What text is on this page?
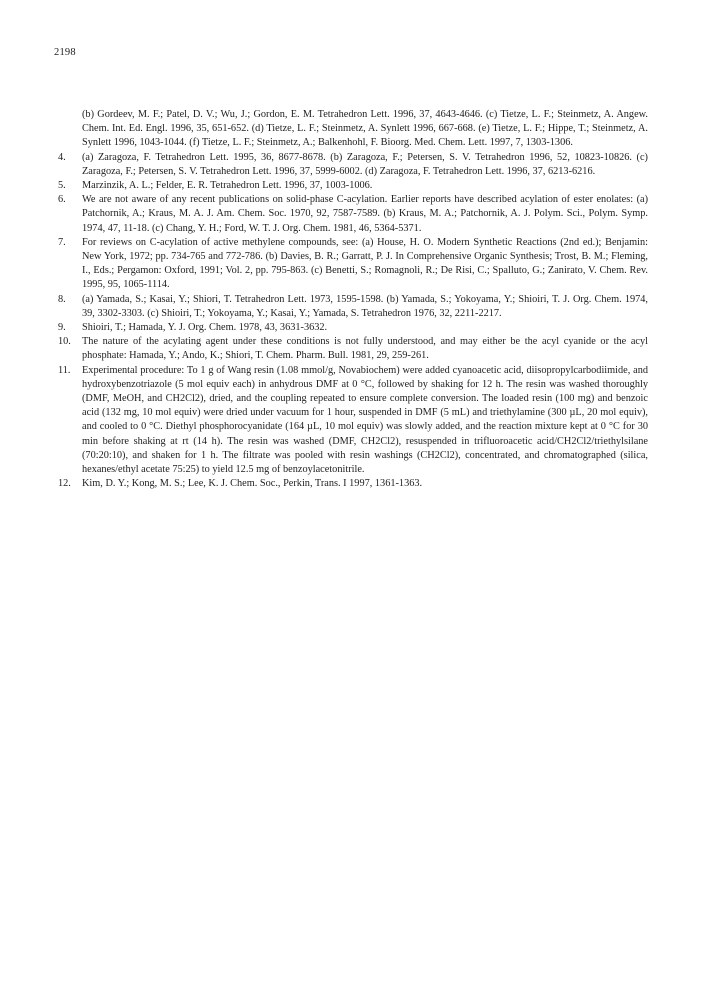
2198
(b) Gordeev, M. F.; Patel, D. V.; Wu, J.; Gordon, E. M. Tetrahedron Lett. 1996, 37, 4643-4646. (c) Tietze, L. F.; Steinmetz, A. Angew. Chem. Int. Ed. Engl. 1996, 35, 651-652. (d) Tietze, L. F.; Steinmetz, A. Synlett 1996, 667-668. (e) Tietze, L. F.; Hippe, T.; Steinmetz, A. Synlett 1996, 1043-1044. (f) Tietze, L. F.; Steinmetz, A.; Balkenhohl, F. Bioorg. Med. Chem. Lett. 1997, 7, 1303-1306.
4.	(a) Zaragoza, F. Tetrahedron Lett. 1995, 36, 8677-8678. (b) Zaragoza, F.; Petersen, S. V. Tetrahedron 1996, 52, 10823-10826. (c) Zaragoza, F.; Petersen, S. V. Tetrahedron Lett. 1996, 37, 5999-6002. (d) Zaragoza, F. Tetrahedron Lett. 1996, 37, 6213-6216.
5.	Marzinzik, A. L.; Felder, E. R. Tetrahedron Lett. 1996, 37, 1003-1006.
6.	We are not aware of any recent publications on solid-phase C-acylation. Earlier reports have described acylation of ester enolates: (a) Patchornik, A.; Kraus, M. A. J. Am. Chem. Soc. 1970, 92, 7587-7589. (b) Kraus, M. A.; Patchornik, A. J. Polym. Sci., Polym. Symp. 1974, 47, 11-18. (c) Chang, Y. H.; Ford, W. T. J. Org. Chem. 1981, 46, 5364-5371.
7.	For reviews on C-acylation of active methylene compounds, see: (a) House, H. O. Modern Synthetic Reactions (2nd ed.); Benjamin: New York, 1972; pp. 734-765 and 772-786. (b) Davies, B. R.; Garratt, P. J. In Comprehensive Organic Synthesis; Trost, B. M.; Fleming, I., Eds.; Pergamon: Oxford, 1991; Vol. 2, pp. 795-863. (c) Benetti, S.; Romagnoli, R.; De Risi, C.; Spalluto, G.; Zanirato, V. Chem. Rev. 1995, 95, 1065-1114.
8.	(a) Yamada, S.; Kasai, Y.; Shiori, T. Tetrahedron Lett. 1973, 1595-1598. (b) Yamada, S.; Yokoyama, Y.; Shioiri, T. J. Org. Chem. 1974, 39, 3302-3303. (c) Shioiri, T.; Yokoyama, Y.; Kasai, Y.; Yamada, S. Tetrahedron 1976, 32, 2211-2217.
9.	Shioiri, T.; Hamada, Y. J. Org. Chem. 1978, 43, 3631-3632.
10.	The nature of the acylating agent under these conditions is not fully understood, and may either be the acyl cyanide or the acyl phosphate: Hamada, Y.; Ando, K.; Shiori, T. Chem. Pharm. Bull. 1981, 29, 259-261.
11.	Experimental procedure: To 1 g of Wang resin (1.08 mmol/g, Novabiochem) were added cyanoacetic acid, diisopropylcarbodiimide, and hydroxybenzotriazole (5 mol equiv each) in anhydrous DMF at 0 °C, followed by shaking for 12 h. The resin was washed thoroughly (DMF, MeOH, and CH2Cl2), dried, and the coupling repeated to ensure complete conversion. The loaded resin (100 mg) and benzoic acid (132 mg, 10 mol equiv) were dried under vacuum for 1 hour, suspended in DMF (5 mL) and triethylamine (300 µL, 20 mol equiv), and cooled to 0 °C. Diethyl phosphorocyanidate (164 µL, 10 mol equiv) was slowly added, and the reaction mixture kept at 0 °C for 30 min before shaking at rt (14 h). The resin was washed (DMF, CH2Cl2), resuspended in trifluoroacetic acid/CH2Cl2/triethylsilane (70:20:10), and shaken for 1 h. The filtrate was pooled with resin washings (CH2Cl2), concentrated, and chromatographed (silica, hexanes/ethyl acetate 75:25) to yield 12.5 mg of benzoylacetonitrile.
12.	Kim, D. Y.; Kong, M. S.; Lee, K. J. Chem. Soc., Perkin, Trans. I 1997, 1361-1363.
